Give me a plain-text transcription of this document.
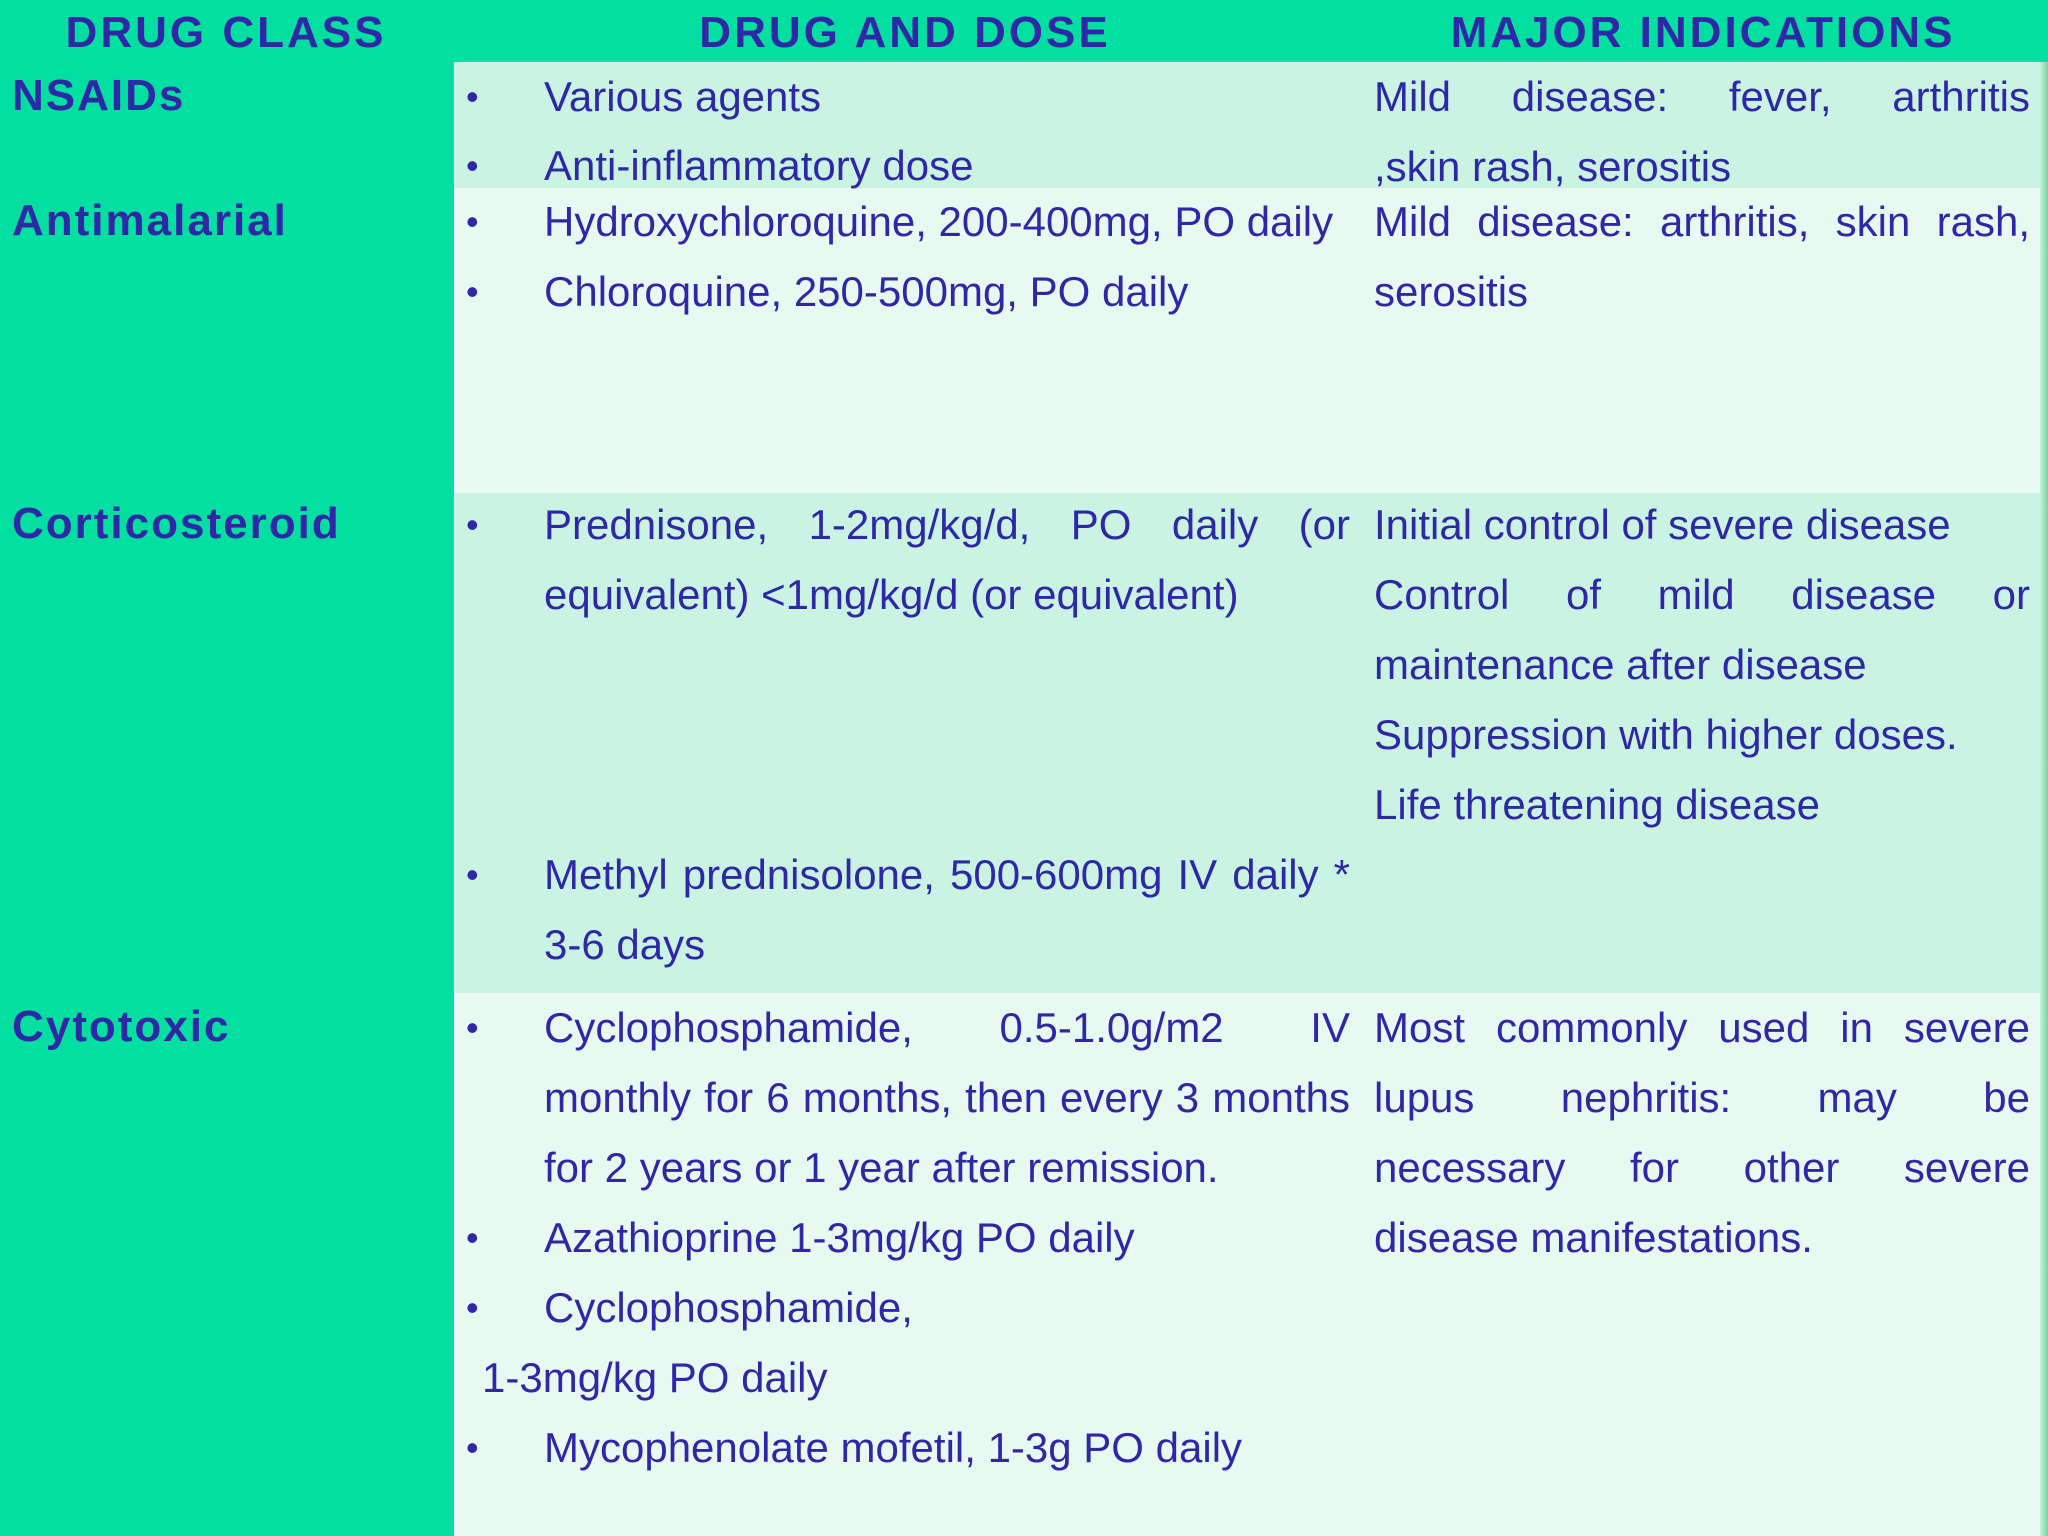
DRUG CLASS	DRUG AND DOSE	MAJOR INDICATIONS
NSAIDs
Antimalarial
Corticosteroid
Cytotoxic
• Various agents
• Anti-inflammatory dose
Mild disease: fever, arthritis
,skin rash, serositis
• Hydroxychloroquine, 200-400mg, PO daily
• Chloroquine, 250-500mg, PO daily
Mild disease: arthritis, skin rash,
serositis
• Prednisone, 1-2mg/kg/d, PO daily (or equivalent) <1mg/kg/d (or equivalent)
• Methyl prednisolone, 500-600mg IV daily * 3-6 days
Initial control of severe disease
Control of mild disease or
maintenance after disease
Suppression with higher doses.
Life threatening disease
• Cyclophosphamide, 0.5-1.0g/m2 IV monthly for 6 months, then every 3 months for 2 years or 1 year after remission.
• Azathioprine 1-3mg/kg PO daily
• Cyclophosphamide,
1-3mg/kg PO daily
• Mycophenolate mofetil, 1-3g PO daily
Most commonly used in severe
lupus nephritis: may be
necessary for other severe
disease manifestations.
